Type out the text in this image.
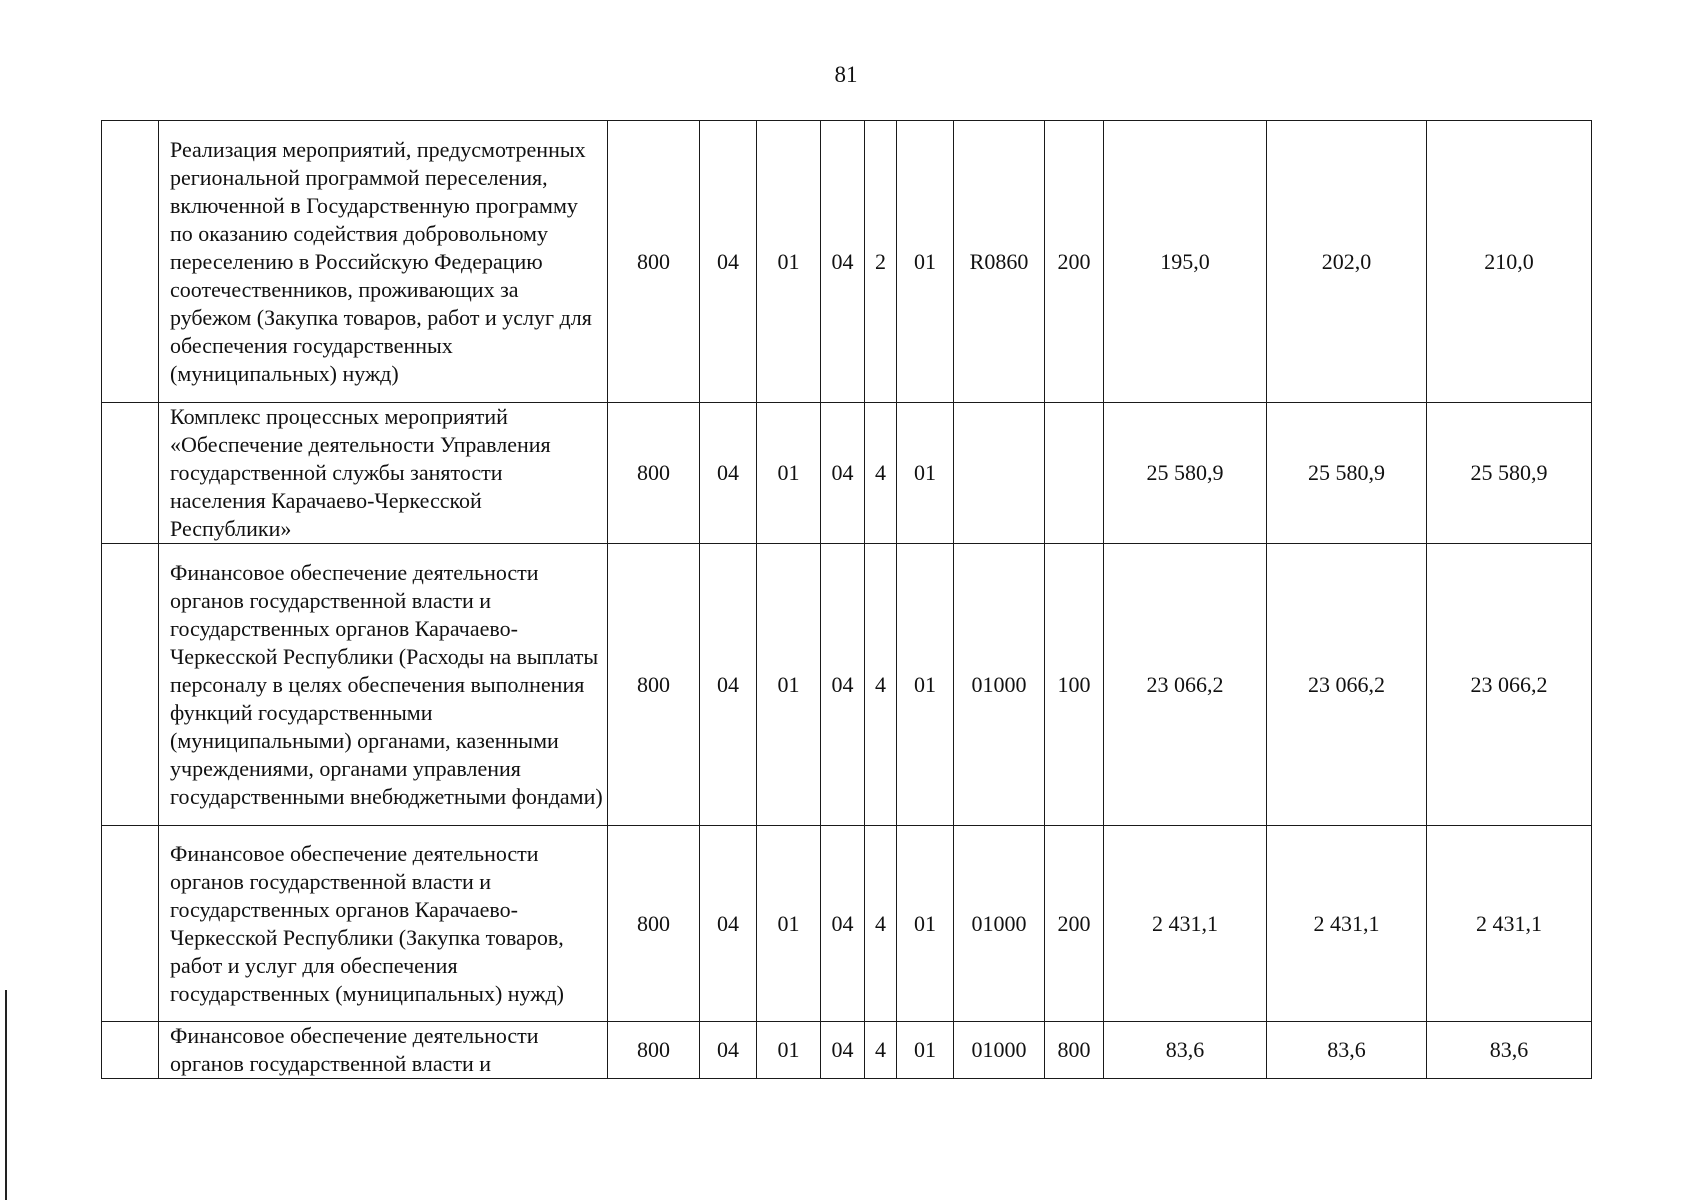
81
	Реализация мероприятий, предусмотренных региональной программой переселения, включенной в Государственную программу по оказанию содействия добровольному переселению в Российскую Федерацию соотечественников, проживающих за рубежом (Закупка товаров, работ и услуг для обеспечения государственных (муниципальных) нужд)	800	04	01	04	2	01	R0860	200	195,0	202,0	210,0
	Комплекс процессных мероприятий «Обеспечение деятельности Управления государственной службы занятости населения Карачаево-Черкесской Республики»	800	04	01	04	4	01			25 580,9	25 580,9	25 580,9
	Финансовое обеспечение деятельности органов государственной власти и государственных органов Карачаево-Черкесской Республики (Расходы на выплаты персоналу в целях обеспечения выполнения функций государственными (муниципальными) органами, казенными учреждениями, органами управления государственными внебюджетными фондами)	800	04	01	04	4	01	01000	100	23 066,2	23 066,2	23 066,2
	Финансовое обеспечение деятельности органов государственной власти и государственных органов Карачаево-Черкесской Республики (Закупка товаров, работ и услуг для обеспечения государственных (муниципальных) нужд)	800	04	01	04	4	01	01000	200	2 431,1	2 431,1	2 431,1
	Финансовое обеспечение деятельности органов государственной власти и	800	04	01	04	4	01	01000	800	83,6	83,6	83,6
